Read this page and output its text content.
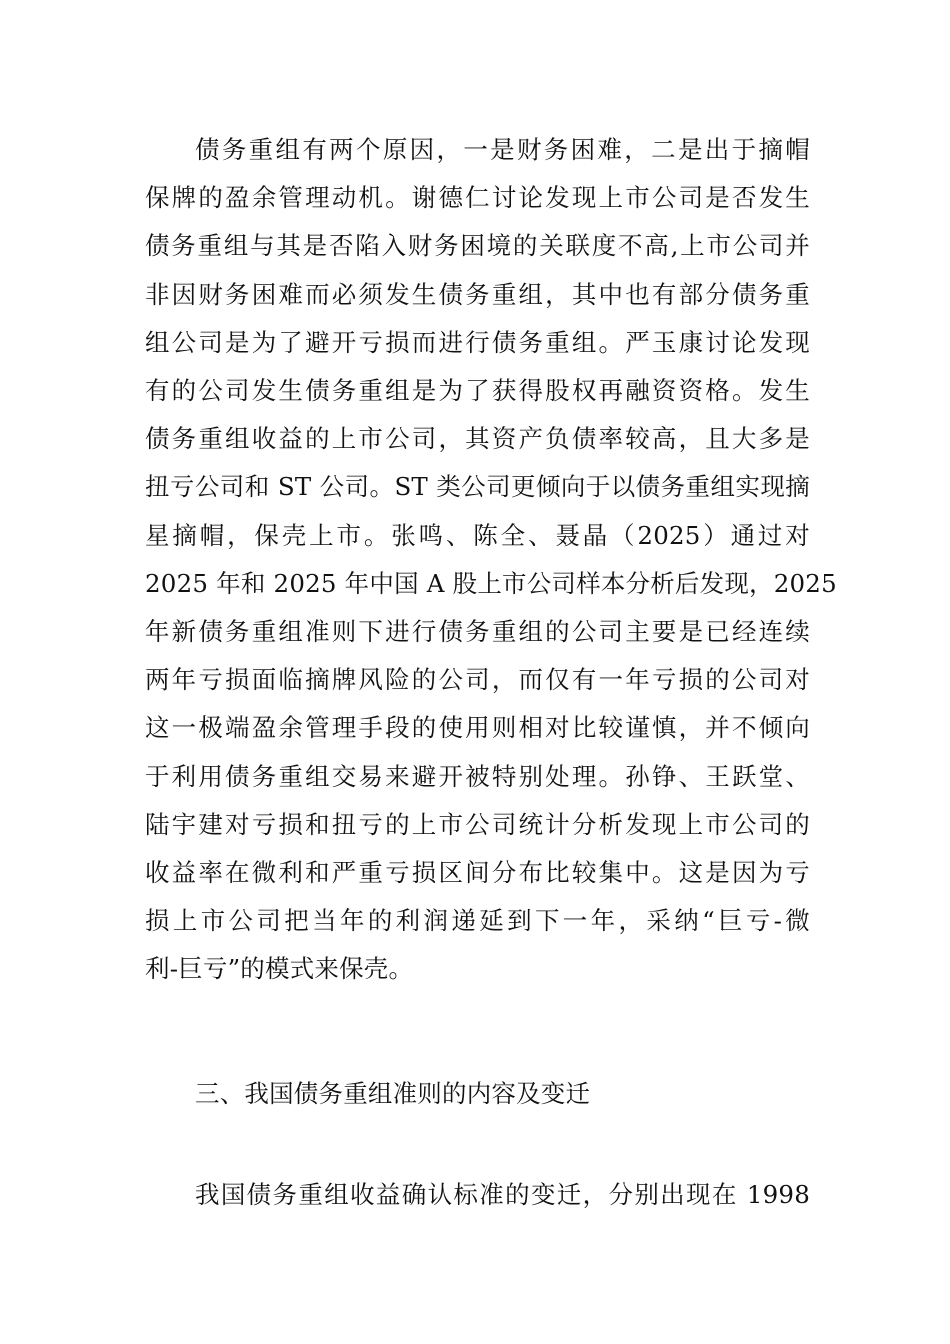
债务重组有两个原因，一是财务困难，二是出于摘帽
保牌的盈余管理动机。谢德仁讨论发现上市公司是否发生
债务重组与其是否陷入财务困境的关联度不高,上市公司并
非因财务困难而必须发生债务重组，其中也有部分债务重
组公司是为了避开亏损而进行债务重组。严玉康讨论发现
有的公司发生债务重组是为了获得股权再融资资格。发生
债务重组收益的上市公司，其资产负债率较高，且大多是
扭亏公司和 ST 公司。ST 类公司更倾向于以债务重组实现摘
星摘帽，保壳上市。张鸣、陈全、聂晶（2025）通过对
2025 年和 2025 年中国 A 股上市公司样本分析后发现，2025
年新债务重组准则下进行债务重组的公司主要是已经连续
两年亏损面临摘牌风险的公司，而仅有一年亏损的公司对
这一极端盈余管理手段的使用则相对比较谨慎，并不倾向
于利用债务重组交易来避开被特别处理。孙铮、王跃堂、
陆宇建对亏损和扭亏的上市公司统计分析发现上市公司的
收益率在微利和严重亏损区间分布比较集中。这是因为亏
损上市公司把当年的利润递延到下一年，采纳“巨亏-微
利-巨亏”的模式来保壳。
三、我国债务重组准则的内容及变迁
我国债务重组收益确认标准的变迁，分别出现在 1998
